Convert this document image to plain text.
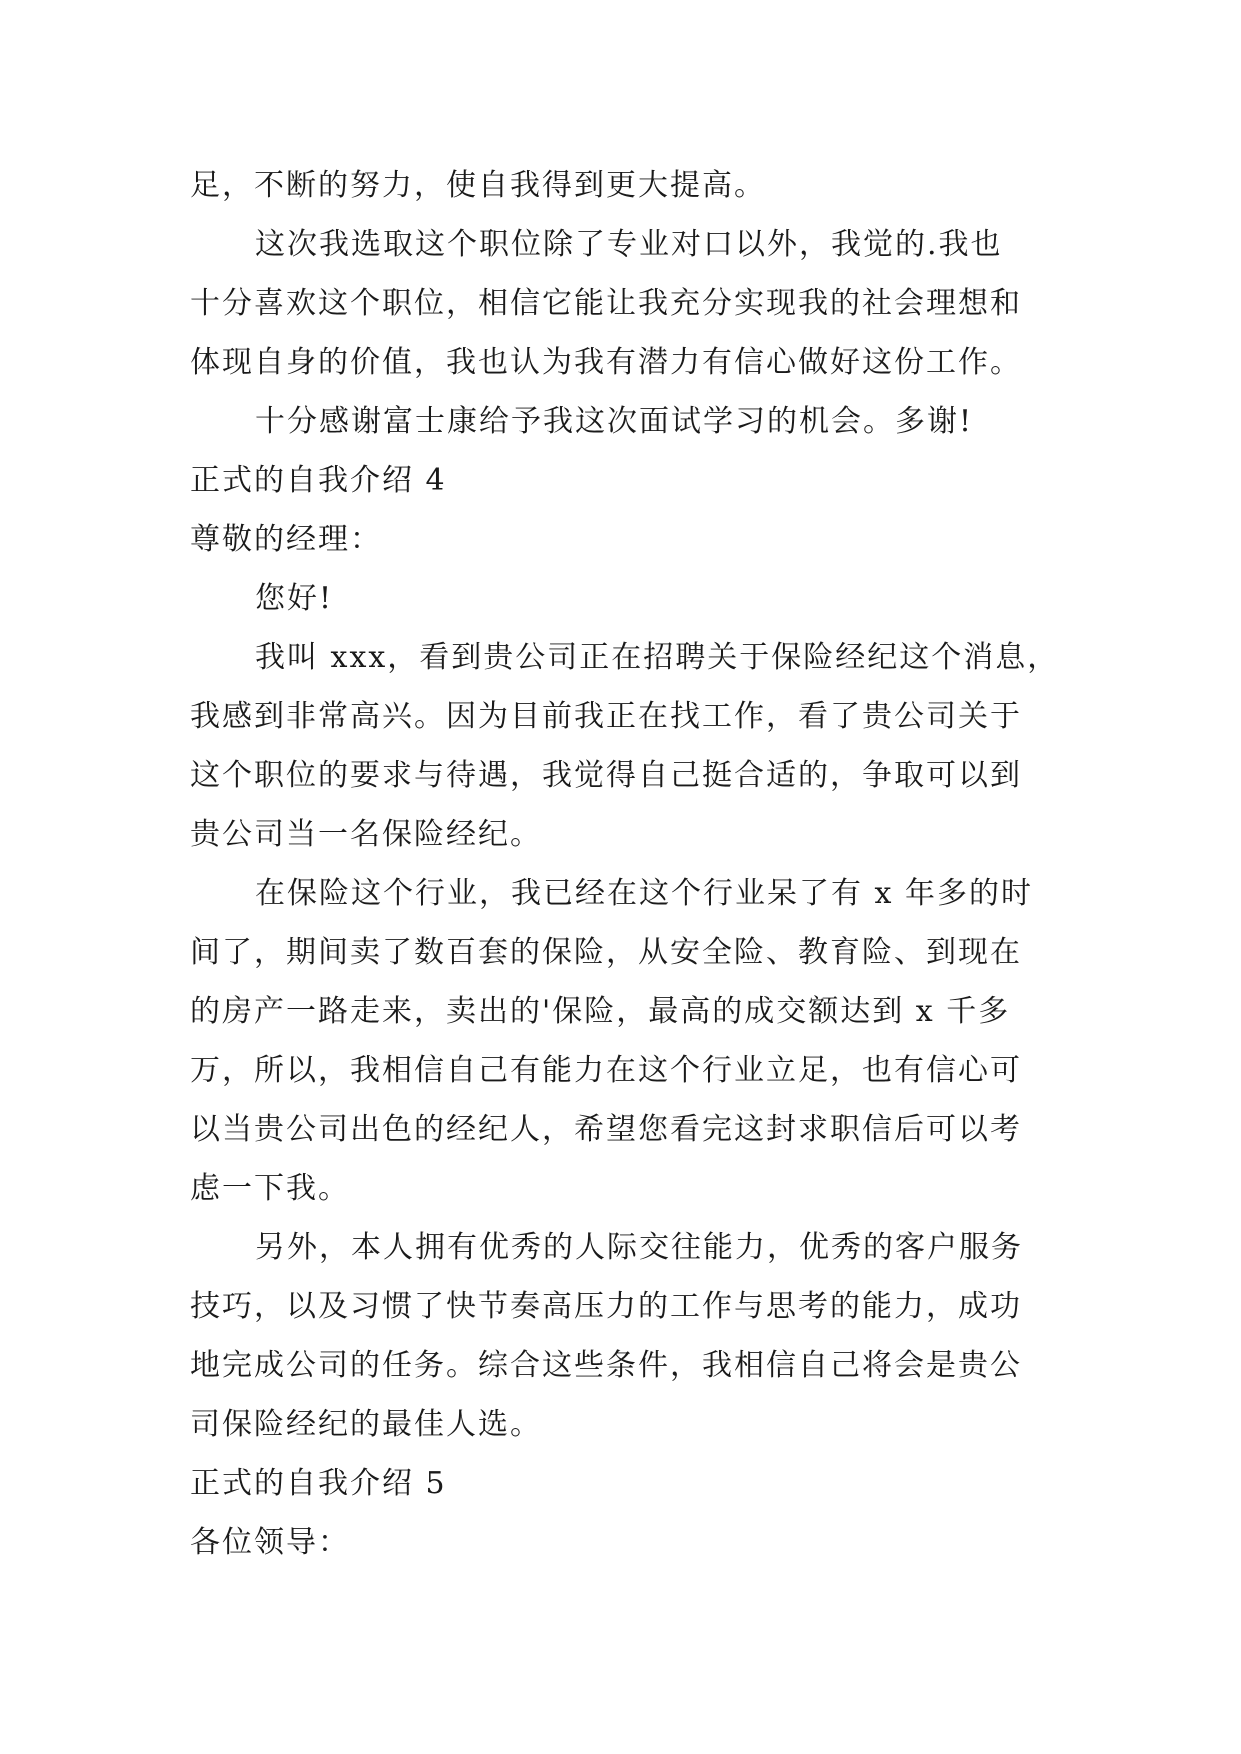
足，不断的努力，使自我得到更大提高。
这次我选取这个职位除了专业对口以外，我觉的.我也
十分喜欢这个职位，相信它能让我充分实现我的社会理想和
体现自身的价值，我也认为我有潜力有信心做好这份工作。
十分感谢富士康给予我这次面试学习的机会。多谢!
正式的自我介绍 4
尊敬的经理：
您好!
我叫 xxx，看到贵公司正在招聘关于保险经纪这个消息，
我感到非常高兴。因为目前我正在找工作，看了贵公司关于
这个职位的要求与待遇，我觉得自己挺合适的，争取可以到
贵公司当一名保险经纪。
在保险这个行业，我已经在这个行业呆了有 x 年多的时
间了，期间卖了数百套的保险，从安全险、教育险、到现在
的房产一路走来，卖出的'保险，最高的成交额达到 x 千多
万，所以，我相信自己有能力在这个行业立足，也有信心可
以当贵公司出色的经纪人，希望您看完这封求职信后可以考
虑一下我。
另外，本人拥有优秀的人际交往能力，优秀的客户服务
技巧，以及习惯了快节奏高压力的工作与思考的能力，成功
地完成公司的任务。综合这些条件，我相信自己将会是贵公
司保险经纪的最佳人选。
正式的自我介绍 5
各位领导：
